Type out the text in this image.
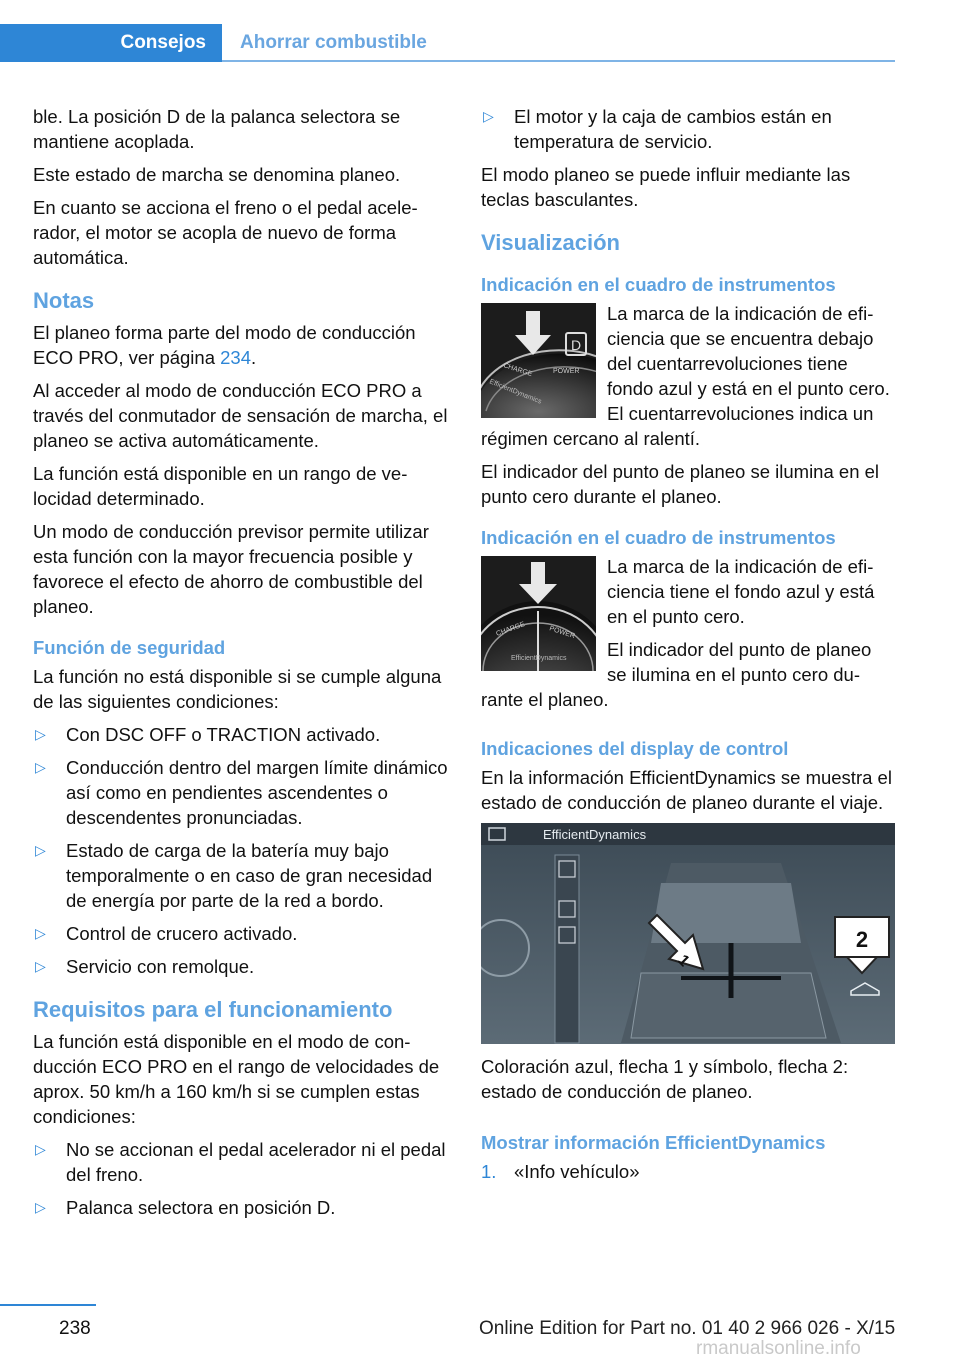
Consejos	Ahorrar combustible

ble. La posición D de la palanca selectora se mantiene acoplada.

Este estado de marcha se denomina planeo.

En cuanto se acciona el freno o el pedal acelerador, el motor se acopla de nuevo de forma automática.

Notas

El planeo forma parte del modo de conducción ECO PRO, ver página 234.

Al acceder al modo de conducción ECO PRO a través del conmutador de sensación de marcha, el planeo se activa automáticamente.

La función está disponible en un rango de velocidad determinado.

Un modo de conducción previsor permite utilizar esta función con la mayor frecuencia posible y favorece el efecto de ahorro de combustible del planeo.

Función de seguridad

La función no está disponible si se cumple alguna de las siguientes condiciones:

▷ Con DSC OFF o TRACTION activado.
▷ Conducción dentro del margen límite dinámico así como en pendientes ascendentes o descendentes pronunciadas.
▷ Estado de carga de la batería muy bajo temporalmente o en caso de gran necesidad de energía por parte de la red a bordo.
▷ Control de crucero activado.
▷ Servicio con remolque.
Requisitos para el funcionamiento

La función está disponible en el modo de conducción ECO PRO en el rango de velocidades de aprox. 50 km/h a 160 km/h si se cumplen estas condiciones:

▷ No se accionan el pedal acelerador ni el pedal del freno.
▷ Palanca selectora en posición D.
▷ El motor y la caja de cambios están en temperatura de servicio.

El modo planeo se puede influir mediante las teclas basculantes.

Visualización
Indicación en el cuadro de instrumentos
D
CHARGE	POWER
EfficientDynamics

La marca de la indicación de eficiencia que se encuentra debajo del cuentarrevoluciones tiene fondo azul y está en el punto cero. El cuentarrevoluciones indica un régimen cercano al ralentí.

El indicador del punto de planeo se ilumina en el punto cero durante el planeo.

Indicación en el cuadro de instrumentos
CHARGE	POWER
EfficientDynamics

La marca de la indicación de eficiencia tiene el fondo azul y está en el punto cero.

El indicador del punto de planeo se ilumina en el punto cero durante el planeo.

Indicaciones del display de control

En la información EfficientDynamics se muestra el estado de conducción de planeo durante el viaje.

EfficientDynamics
1
2

Coloración azul, flecha 1 y símbolo, flecha 2: estado de conducción de planeo.

Mostrar información EfficientDynamics
1. «Info vehículo»
238	Online Edition for Part no. 01 40 2 966 026 - X/15
rmanualsonline.info
